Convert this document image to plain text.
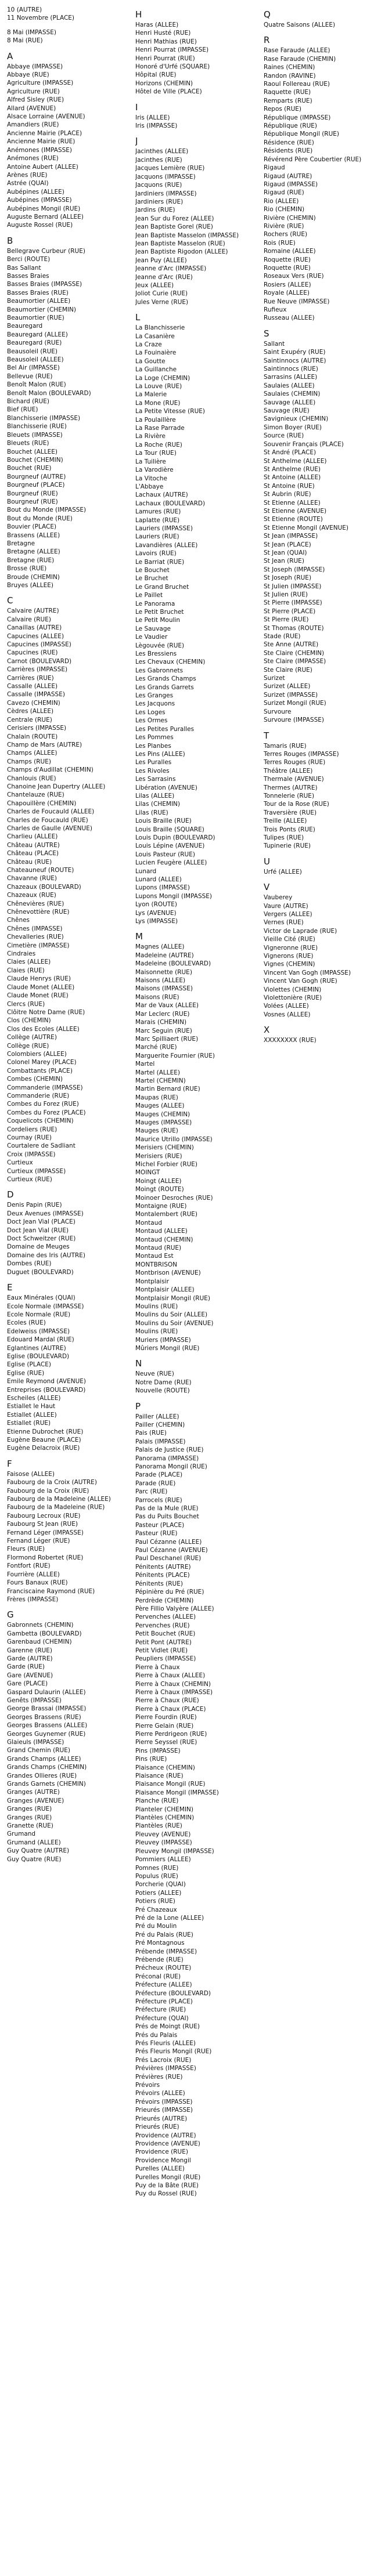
10 (AUTRE)
11 Novembre (PLACE)
8 Mai (IMPASSE)
8 Mai (RUE)
A
Abbaye (IMPASSE)
Abbaye (RUE)
Agriculture (IMPASSE)
Agriculture (RUE)
Alfred Sisley (RUE)
Allard (AVENUE)
Alsace Lorraine (AVENUE)
Amandiers (RUE)
Ancienne Mairie (PLACE)
Ancienne Mairie (RUE)
Anémones (IMPASSE)
Anémones (RUE)
Antoine Aubert (ALLEE)
Arènes (RUE)
Astrée (QUAI)
Aubépines (ALLEE)
Aubépines (IMPASSE)
Aubépines Mongil (RUE)
Auguste Bernard (ALLEE)
Auguste Rossel (RUE)
B
Bellegrave Curbeur (RUE)
Berci (ROUTE)
Bas Sallant
Basses Braies
Basses Braies (IMPASSE)
Basses Braies (RUE)
Beaumortier (ALLEE)
Beaumortier (CHEMIN)
Beaumortier (RUE)
Beauregard
Beauregard (ALLEE)
Beauregard (RUE)
Beausoleil (RUE)
Beausoleil (ALLEE)
Bel Air (IMPASSE)
Bellevue (RUE)
Benoît Malon (RUE)
Benoît Malon (BOULEVARD)
Bichard (RUE)
Bief (RUE)
Blanchisserie (IMPASSE)
Blanchisserie (RUE)
Bleuets (IMPASSE)
Bleuets (RUE)
Bouchet (ALLEE)
Bouchet (CHEMIN)
Bouchet (RUE)
Bourgneuf (AUTRE)
Bourgneuf (PLACE)
Bourgneuf (RUE)
Bourgneuf (RUE)
Bout du Monde (IMPASSE)
Bout du Monde (RUE)
Bouvier (PLACE)
Brassens (ALLEE)
Bretagne
Bretagne (ALLEE)
Bretagne (RUE)
Brosse (RUE)
Broude (CHEMIN)
Bruyes (ALLEE)
C
Calvaire (AUTRE)
Calvaire (RUE)
Canaillas (AUTRE)
Capucines (ALLEE)
Capucines (IMPASSE)
Capucines (RUE)
Carnot (BOULEVARD)
Carrières (IMPASSE)
Carrières (RUE)
Cassalle (ALLEE)
Cassalle (IMPASSE)
Cavezo (CHEMIN)
Cèdres (ALLEE)
Centrale (RUE)
Cerisiers (IMPASSE)
Chalain (ROUTE)
Champ de Mars (AUTRE)
Champs (ALLEE)
Champs (RUE)
Champs d'Audillat (CHEMIN)
Chanlouis (RUE)
Chanoine Jean Dupertry (ALLEE)
Chantelauze (RUE)
Chapouillère (CHEMIN)
Charles de Foucauld (ALLEE)
Charles de Foucauld (RUE)
Charles de Gaulle (AVENUE)
Charlieu (ALLEE)
Château (AUTRE)
Château (PLACE)
Château (RUE)
Chateauneuf (ROUTE)
Chavanne (RUE)
Chazeaux (BOULEVARD)
Chazeaux (RUE)
Chênevières (RUE)
Chênevottière (RUE)
Chênes
Chênes (IMPASSE)
Chevalleries (RUE)
Cimetière (IMPASSE)
Cindraies
Claies (ALLEE)
Claies (RUE)
Claude Henrys (RUE)
Claude Monet (ALLEE)
Claude Monet (RUE)
Clercs (RUE)
Clôitre Notre Dame (RUE)
Clos (CHEMIN)
Clos des Ecoles (ALLEE)
Collège (AUTRE)
Collège (RUE)
Colombiers (ALLEE)
Colonel Marey (PLACE)
Combattants (PLACE)
Combes (CHEMIN)
Commanderie (IMPASSE)
Commanderie (RUE)
Combes du Forez (RUE)
Combes du Forez (PLACE)
Coquelicots (CHEMIN)
Cordeliers (RUE)
Cournay (RUE)
Courtalere de Sadliant
Croix (IMPASSE)
Curtieux
Curtieux (IMPASSE)
Curtieux (RUE)
D
Denis Papin (RUE)
Deux Avenues (IMPASSE)
Doct Jean Vial (PLACE)
Doct Jean Vial (RUE)
Doct Schweitzer (RUE)
Domaine de Meuges
Domaine des Iris (AUTRE)
Dombes (RUE)
Duguet (BOULEVARD)
E
Eaux Minérales (QUAI)
Ecole Normale (IMPASSE)
Ecole Normale (RUE)
Ecoles (RUE)
Edelweiss (IMPASSE)
Edouard Mardal (RUE)
Eglantines (AUTRE)
Eglise (BOULEVARD)
Eglise (PLACE)
Eglise (RUE)
Emile Reymond (AVENUE)
Entreprises (BOULEVARD)
Escheiles (ALLEE)
Estiallet le Haut
Estiallet (ALLEE)
Estiallet (RUE)
Etienne Dubrochet (RUE)
Eugène Beaune (PLACE)
Eugène Delacroix (RUE)
F
Faisose (ALLEE)
Faubourg de la Croix (AUTRE)
Faubourg de la Croix (RUE)
Faubourg de la Madeleine (ALLEE)
Faubourg de la Madeleine (RUE)
Faubourg Lecroux (RUE)
Faubourg St Jean (RUE)
Fernand Léger (IMPASSE)
Fernand Léger (RUE)
Fleurs (RUE)
Flormond Robertet (RUE)
Fontfort (RUE)
Fourrière (ALLEE)
Fours Banaux (RUE)
Franciscaine Raymond (RUE)
Frères (IMPASSE)
G
Gabronnets (CHEMIN)
Gambetta (BOULEVARD)
Garenbaud (CHEMIN)
Garenne (RUE)
Garde (AUTRE)
Garde (RUE)
Gare (AVENUE)
Gare (PLACE)
Gaspard Dulaurin (ALLEE)
Genêts (IMPASSE)
George Brassai (IMPASSE)
Georges Brassens (RUE)
Georges Brassens (ALLEE)
Georges Guynemer (RUE)
Glaieuls (IMPASSE)
Grand Chemin (RUE)
Grands Champs (ALLEE)
Grands Champs (CHEMIN)
Grandes Ollieres (RUE)
Grands Garnets (CHEMIN)
Granges (AUTRE)
Granges (AVENUE)
Granges (RUE)
Granges (RUE)
Granette (RUE)
Grumand
Grumand (ALLEE)
Guy Quatre (AUTRE)
Guy Quatre (RUE)
H
Haras (ALLEE)
Henri Husté (RUE)
Henri Mathias (RUE)
Henri Pourrat (IMPASSE)
Henri Pourrat (RUE)
Honoré d'Urfé (SQUARE)
Hôpital (RUE)
Horizons (CHEMIN)
Hôtel de Ville (PLACE)
I
Iris (ALLEE)
Iris (IMPASSE)
J
Jacinthes (ALLEE)
Jacinthes (RUE)
Jacques Lemière (RUE)
Jacquons (IMPASSE)
Jacquons (RUE)
Jardiniers (IMPASSE)
Jardiniers (RUE)
Jardins (RUE)
Jean Sur du Forez (ALLEE)
Jean Baptiste Gorel (RUE)
Jean Baptiste Masselon (IMPASSE)
Jean Baptiste Masselon (RUE)
Jean Baptiste Rigodon (ALLEE)
Jean Puy (ALLEE)
Jeanne d'Arc (IMPASSE)
Jeanne d'Arc (RUE)
Jeux (ALLEE)
Joliot Curie (RUE)
Jules Verne (RUE)
L
La Blanchisserie
La Casanière
La Craze
La Fouinaière
La Goutte
La Guillanche
La Loge (CHEMIN)
La Louve (RUE)
La Malerie
La Mone (RUE)
La Petite Vitesse (RUE)
La Poulaillère
La Rase Parrade
La Rivière
La Roche (RUE)
La Tour (RUE)
La Tuilière
La Varodière
La Vitoche
L'Abbaye
Lachaux (AUTRE)
Lachaux (BOULEVARD)
Lamures (RUE)
Laplatte (RUE)
Lauriers (IMPASSE)
Lauriers (RUE)
Lavandières (ALLEE)
Lavoirs (RUE)
Le Barriat (RUE)
Le Bouchet
Le Bruchet
Le Grand Bruchet
Le Paillet
Le Panorama
Le Petit Bruchet
Le Petit Moulin
Le Sauvage
Le Vaudier
Lègouvée (RUE)
Les Bressiens
Les Chevaux (CHEMIN)
Les Gabronnets
Les Grands Champs
Les Grands Garrets
Les Granges
Les Jacquons
Les Loges
Les Ormes
Les Petites Puralles
Les Pommes
Les Planbes
Les Pins (ALLEE)
Les Puralles
Les Rivoles
Les Sarrasins
Libération (AVENUE)
Lilas (ALLEE)
Lilas (CHEMIN)
Lilas (RUE)
Louis Braille (RUE)
Louis Braille (SQUARE)
Louis Dupin (BOULEVARD)
Louis Lépine (AVENUE)
Louis Pasteur (RUE)
Lucien Feugère (ALLEE)
Lunard
Lunard (ALLEE)
Lupons (IMPASSE)
Lupons Mongil (IMPASSE)
Lyon (ROUTE)
Lys (AVENUE)
Lys (IMPASSE)
M
Magnes (ALLEE)
Madeleine (AUTRE)
Madeleine (BOULEVARD)
Maisonnette (RUE)
Maisons (ALLEE)
Maisons (IMPASSE)
Maisons (RUE)
Mar de Vaux (ALLEE)
Mar Leclerc (RUE)
Marais (CHEMIN)
Marc Seguin (RUE)
Marc Spilliaert (RUE)
Marché (RUE)
Marguerite Fournier (RUE)
Martel
Martel (ALLEE)
Martel (CHEMIN)
Martin Bernard (RUE)
Maupas (RUE)
Mauges (ALLEE)
Mauges (CHEMIN)
Mauges (IMPASSE)
Mauges (RUE)
Maurice Utrillo (IMPASSE)
Merisiers (CHEMIN)
Merisiers (RUE)
Michel Forbier (RUE)
MOINGT
Moingt (ALLEE)
Moingt (ROUTE)
Moinoer Desroches (RUE)
Montaigne (RUE)
Montalembert (RUE)
Montaud
Montaud (ALLEE)
Montaud (CHEMIN)
Montaud (RUE)
Montaud Est
MONTBRISON
Montbrison (AVENUE)
Montplaisir
Montplaisir (ALLEE)
Montplaisir Mongil (RUE)
Moulins (RUE)
Moulins du Soir (ALLEE)
Moulins du Soir (AVENUE)
Moulins (RUE)
Muriers (IMPASSE)
Mûriers Mongil (RUE)
N
Neuve (RUE)
Notre Dame (RUE)
Nouvelle (ROUTE)
P
Pailler (ALLEE)
Pailler (CHEMIN)
Pais (RUE)
Palais (IMPASSE)
Palais de Justice (RUE)
Panorama (IMPASSE)
Panorama Mongil (RUE)
Parade (PLACE)
Parade (RUE)
Parc (RUE)
Parrocels (RUE)
Pas de la Mule (RUE)
Pas du Puits Bouchet
Pasteur (PLACE)
Pasteur (RUE)
Paul Cézanne (ALLEE)
Paul Cézanne (AVENUE)
Paul Deschanel (RUE)
Pénitents (AUTRE)
Pénitents (PLACE)
Pénitents (RUE)
Pépinière du Pré (RUE)
Perdrède (CHEMIN)
Père Fillio Valyère (ALLEE)
Pervenches (ALLEE)
Pervenches (RUE)
Petit Bouchet (RUE)
Petit Pont (AUTRE)
Petit Vidlet (RUE)
Peupliers (IMPASSE)
Pierre à Chaux
Pierre à Chaux (ALLEE)
Pierre à Chaux (CHEMIN)
Pierre à Chaux (IMPASSE)
Pierre à Chaux (RUE)
Pierre à Chaux (PLACE)
Pierre Fourdin (RUE)
Pierre Gelain (RUE)
Pierre Perdrigeon (RUE)
Pierre Seyssel (RUE)
Pins (IMPASSE)
Pins (RUE)
Plaisance (CHEMIN)
Plaisance (RUE)
Plaisance Mongil (RUE)
Plaisance Mongil (IMPASSE)
Planche (RUE)
Planteler (CHEMIN)
Plantèles (CHEMIN)
Plantèles (RUE)
Pleuvey (AVENUE)
Pleuvey (IMPASSE)
Pleuvey Mongil (IMPASSE)
Pommiers (ALLEE)
Pomnes (RUE)
Populus (RUE)
Porcherie (QUAI)
Potiers (ALLEE)
Potiers (RUE)
Pré Chazeaux
Pré de la Lone (ALLEE)
Pré du Moulin
Pré du Palais (RUE)
Pré Montagnous
Prébende (IMPASSE)
Prébende (RUE)
Précheux (ROUTE)
Préconal (RUE)
Préfecture (ALLEE)
Préfecture (BOULEVARD)
Préfecture (PLACE)
Préfecture (RUE)
Préfecture (QUAI)
Prés de Moingt (RUE)
Prés du Palais
Prés Fleuris (ALLEE)
Prés Fleuris Mongil (RUE)
Prés Lacroix (RUE)
Prévières (IMPASSE)
Prévières (RUE)
Prévoirs
Prévoirs (ALLEE)
Prévoirs (IMPASSE)
Prieurés (IMPASSE)
Prieurés (AUTRE)
Prieurés (RUE)
Providence (AUTRE)
Providence (AVENUE)
Providence (RUE)
Providence Mongil
Purelles (ALLEE)
Purelles Mongil (RUE)
Puy de la Bâte (RUE)
Puy du Rossel (RUE)
Q
Quatre Saisons (ALLEE)
R
Rase Faraude (ALLEE)
Rase Faraude (CHEMIN)
Raines (CHEMIN)
Randon (RAVINE)
Raoul Follereau (RUE)
Raquette (RUE)
Remparts (RUE)
Repos (RUE)
République (IMPASSE)
République (RUE)
République Mongil (RUE)
Résidence (RUE)
Résidents (RUE)
Révérend Père Coubertier (RUE)
Rigaud
Rigaud (AUTRE)
Rigaud (IMPASSE)
Rigaud (RUE)
Rio (ALLEE)
Rio (CHEMIN)
Rivière (CHEMIN)
Rivière (RUE)
Rochers (RUE)
Rois (RUE)
Romaine (ALLEE)
Roquette (RUE)
Roquette (RUE)
Roseaux Vers (RUE)
Rosiers (ALLEE)
Royale (ALLEE)
Rue Neuve (IMPASSE)
Rufieux
Russeau (ALLEE)
S
Sallant
Saint Exupéry (RUE)
Saintinnocs (AUTRE)
Saintinnocs (RUE)
Sarrasins (ALLEE)
Saulaies (ALLEE)
Saulaies (CHEMIN)
Sauvage (ALLEE)
Sauvage (RUE)
Savignieux (CHEMIN)
Simon Boyer (RUE)
Source (RUE)
Souvenir Français (PLACE)
St André (PLACE)
St Anthelme (ALLEE)
St Anthelme (RUE)
St Antoine (ALLEE)
St Antoine (RUE)
St Aubrin (RUE)
St Etienne (ALLEE)
St Etienne (AVENUE)
St Etienne (ROUTE)
St Etienne Mongil (AVENUE)
St Jean (IMPASSE)
St Jean (PLACE)
St Jean (QUAI)
St Jean (RUE)
St Joseph (IMPASSE)
St Joseph (RUE)
St Julien (IMPASSE)
St Julien (RUE)
St Pierre (IMPASSE)
St Pierre (PLACE)
St Pierre (RUE)
St Thomas (ROUTE)
Stade (RUE)
Ste Anne (AUTRE)
Ste Claire (CHEMIN)
Ste Claire (IMPASSE)
Ste Claire (RUE)
Surizet
Surizet (ALLEE)
Surizet (IMPASSE)
Surizet Mongil (RUE)
Survoure
Survoure (IMPASSE)
T
Tamaris (RUE)
Terres Rouges (IMPASSE)
Terres Rouges (RUE)
Théâtre (ALLEE)
Thermale (AVENUE)
Thermes (AUTRE)
Tonnelerie (RUE)
Tour de la Rose (RUE)
Traversière (RUE)
Treille (ALLEE)
Trois Ponts (RUE)
Tulipes (RUE)
Tupinerie (RUE)
U
Urfé (ALLEE)
V
Vauberey
Vaure (AUTRE)
Vergers (ALLEE)
Vernes (RUE)
Victor de Laprade (RUE)
Vieille Cité (RUE)
Vigneronne (RUE)
Vignerons (RUE)
Vignes (CHEMIN)
Vincent Van Gogh (IMPASSE)
Vincent Van Gogh (RUE)
Violettes (CHEMIN)
Violettonière (RUE)
Volées (ALLEE)
Vosnes (ALLEE)
X
XXXXXXXX (RUE)
